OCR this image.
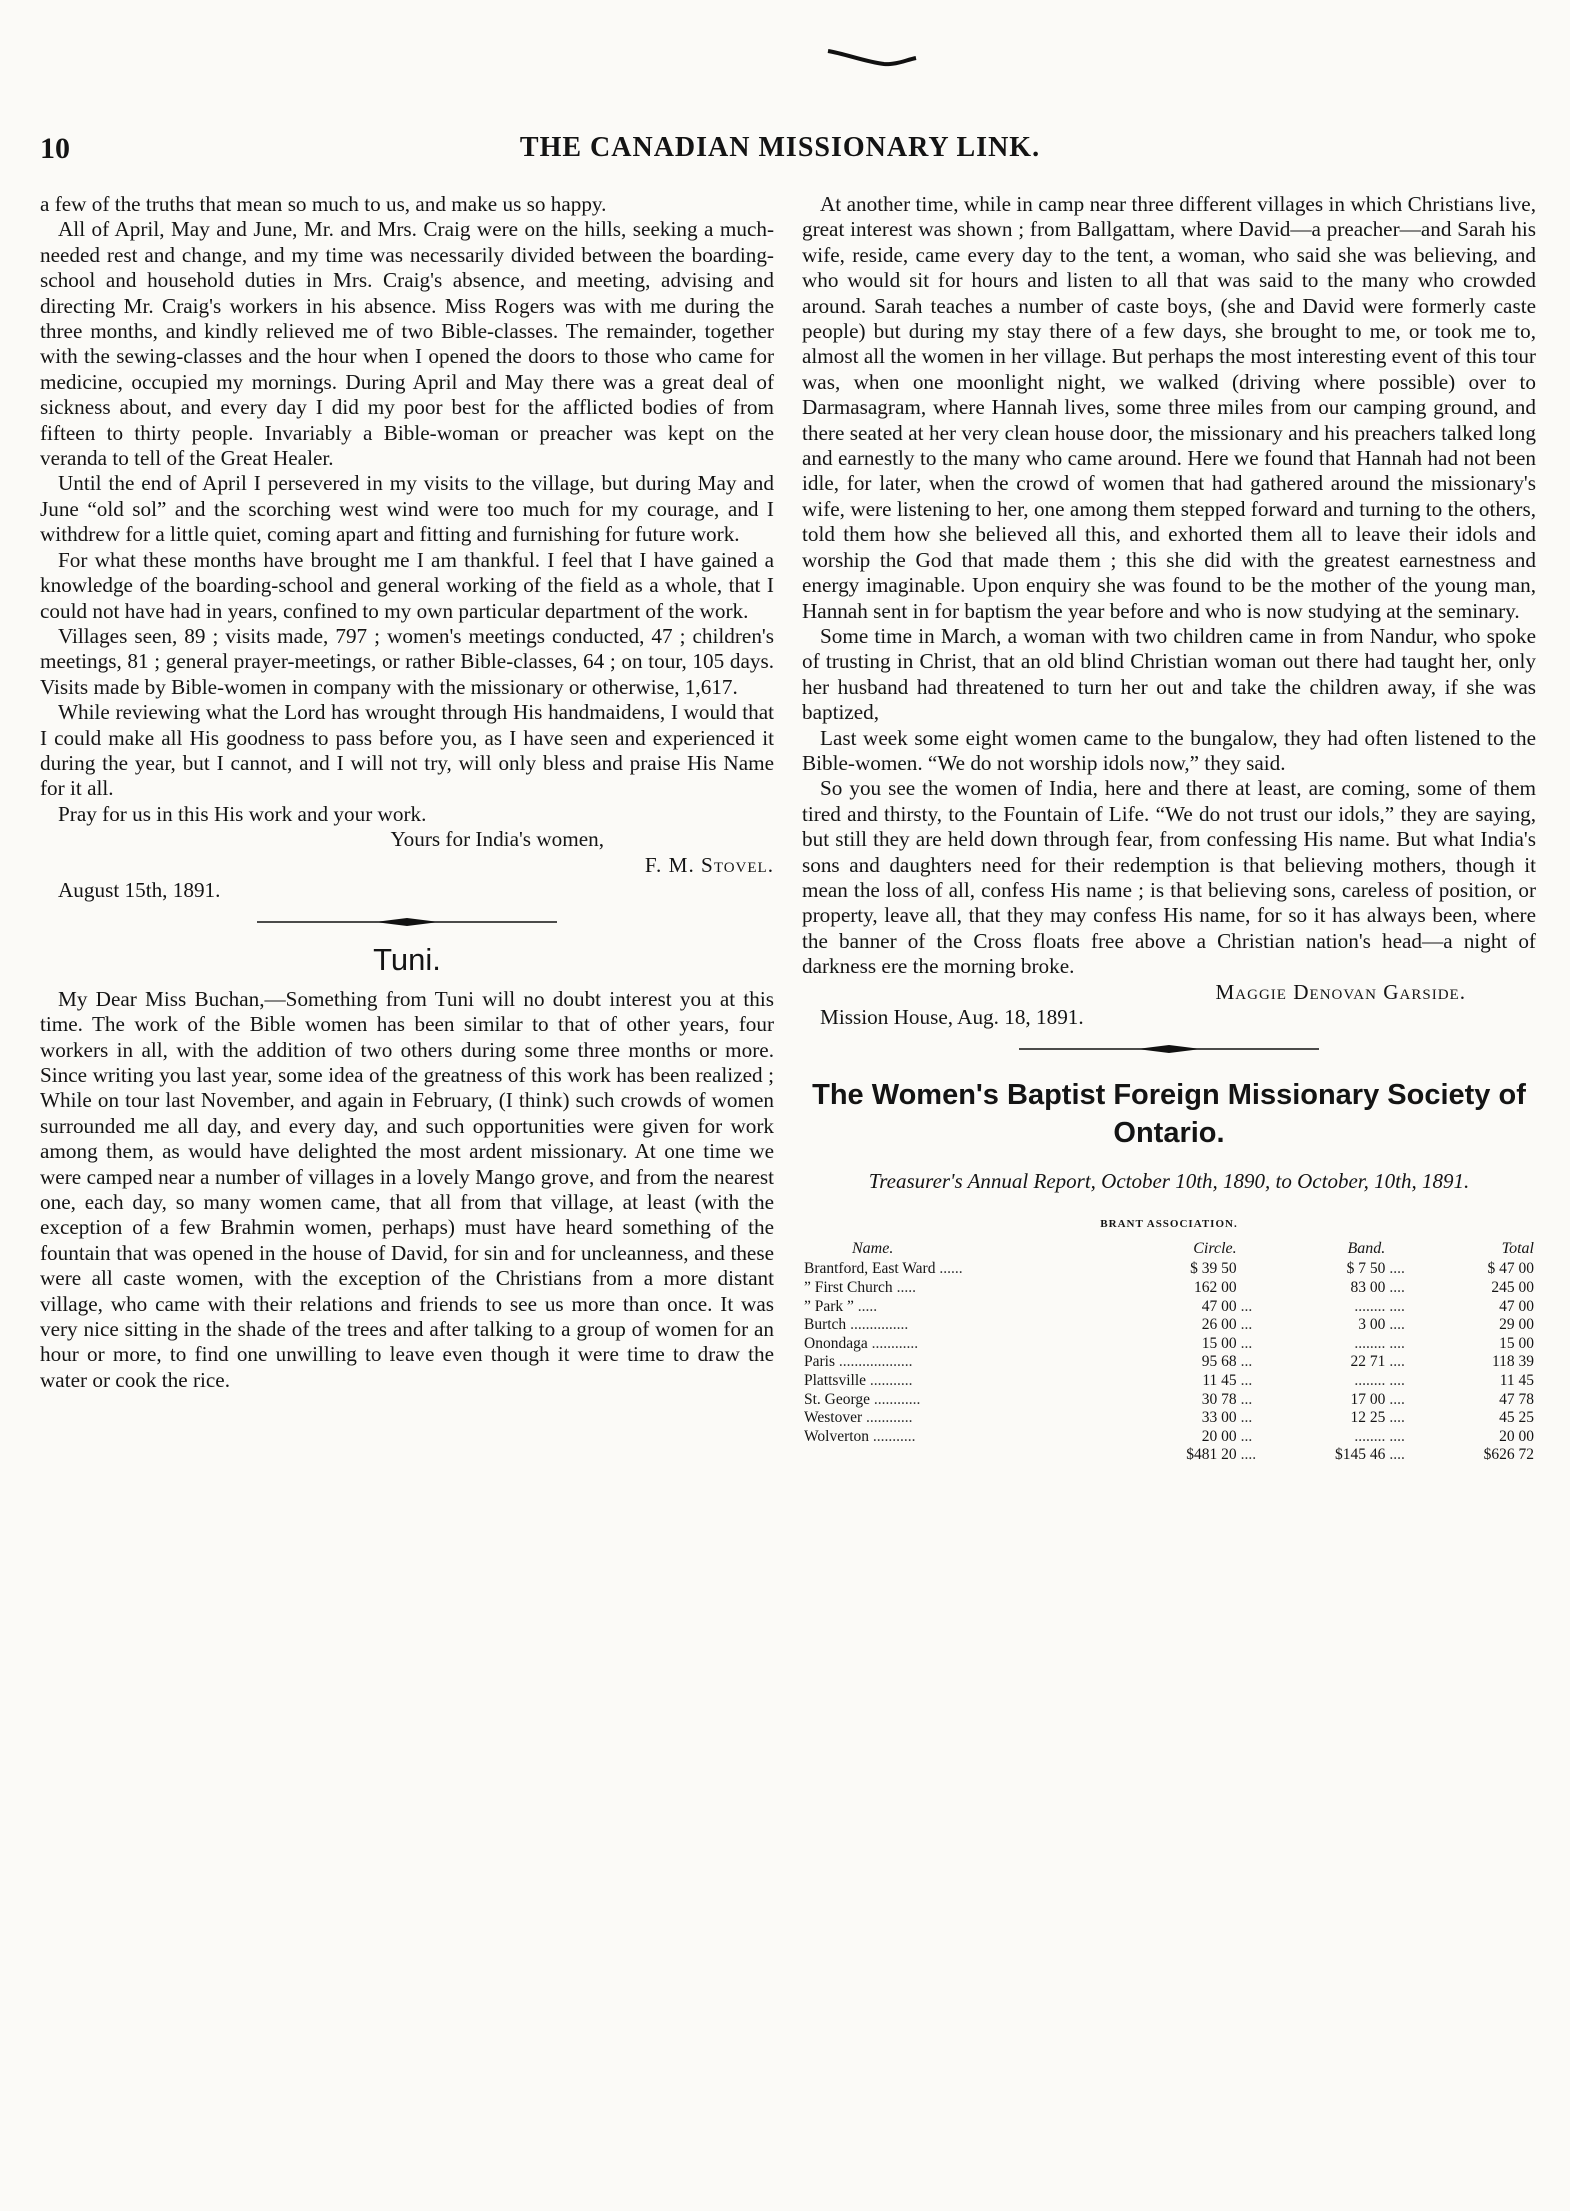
10	THE CANADIAN MISSIONARY LINK.

a few of the truths that mean so much to us, and make us so happy.

All of April, May and June, Mr. and Mrs. Craig were on the hills, seeking a much-needed rest and change, and my time was necessarily divided between the boarding-school and household duties in Mrs. Craig's absence, and meeting, advising and directing Mr. Craig's workers in his absence. Miss Rogers was with me during the three months, and kindly relieved me of two Bible-classes. The remainder, together with the sewing-classes and the hour when I opened the doors to those who came for medicine, occupied my mornings. During April and May there was a great deal of sickness about, and every day I did my poor best for the afflicted bodies of from fifteen to thirty people. Invariably a Bible-woman or preacher was kept on the veranda to tell of the Great Healer.

Until the end of April I persevered in my visits to the village, but during May and June “old sol” and the scorching west wind were too much for my courage, and I withdrew for a little quiet, coming apart and fitting and furnishing for future work.

For what these months have brought me I am thankful. I feel that I have gained a knowledge of the boarding-school and general working of the field as a whole, that I could not have had in years, confined to my own particular department of the work.

Villages seen, 89 ; visits made, 797 ; women's meetings conducted, 47 ; children's meetings, 81 ; general prayer-meetings, or rather Bible-classes, 64 ; on tour, 105 days. Visits made by Bible-women in company with the missionary or otherwise, 1,617.

While reviewing what the Lord has wrought through His handmaidens, I would that I could make all His goodness to pass before you, as I have seen and experienced it during the year, but I cannot, and I will not try, will only bless and praise His Name for it all.

Pray for us in this His work and your work.

Yours for India's women,

F. M. Stovel.

August 15th, 1891.

Tuni.

My Dear Miss Buchan,—Something from Tuni will no doubt interest you at this time. The work of the Bible women has been similar to that of other years, four workers in all, with the addition of two others during some three months or more. Since writing you last year, some idea of the greatness of this work has been realized ; While on tour last November, and again in February, (I think) such crowds of women surrounded me all day, and every day, and such opportunities were given for work among them, as would have delighted the most ardent missionary. At one time we were camped near a number of villages in a lovely Mango grove, and from the nearest one, each day, so many women came, that all from that village, at least (with the exception of a few Brahmin women, perhaps) must have heard something of the fountain that was opened in the house of David, for sin and for uncleanness, and these were all caste women, with the exception of the Christians from a more distant village, who came with their relations and friends to see us more than once. It was very nice sitting in the shade of the trees and after talking to a group of women for an hour or more, to find one unwilling to leave even though it were time to draw the water or cook the rice.

At another time, while in camp near three different villages in which Christians live, great interest was shown ; from Ballgattam, where David—a preacher—and Sarah his wife, reside, came every day to the tent, a woman, who said she was believing, and who would sit for hours and listen to all that was said to the many who crowded around. Sarah teaches a number of caste boys, (she and David were formerly caste people) but during my stay there of a few days, she brought to me, or took me to, almost all the women in her village. But perhaps the most interesting event of this tour was, when one moonlight night, we walked (driving where possible) over to Darmasagram, where Hannah lives, some three miles from our camping ground, and there seated at her very clean house door, the missionary and his preachers talked long and earnestly to the many who came around. Here we found that Hannah had not been idle, for later, when the crowd of women that had gathered around the missionary's wife, were listening to her, one among them stepped forward and turning to the others, told them how she believed all this, and exhorted them all to leave their idols and worship the God that made them ; this she did with the greatest earnestness and energy imaginable. Upon enquiry she was found to be the mother of the young man, Hannah sent in for baptism the year before and who is now studying at the seminary.

Some time in March, a woman with two children came in from Nandur, who spoke of trusting in Christ, that an old blind Christian woman out there had taught her, only her husband had threatened to turn her out and take the children away, if she was baptized,

Last week some eight women came to the bungalow, they had often listened to the Bible-women. “We do not worship idols now,” they said.

So you see the women of India, here and there at least, are coming, some of them tired and thirsty, to the Fountain of Life. “We do not trust our idols,” they are saying, but still they are held down through fear, from confessing His name. But what India's sons and daughters need for their redemption is that believing mothers, though it mean the loss of all, confess His name ; is that believing sons, careless of position, or property, leave all, that they may confess His name, for so it has always been, where the banner of the Cross floats free above a Christian nation's head—a night of darkness ere the morning broke.

Maggie Denovan Garside.

Mission House, Aug. 18, 1891.

The Women's Baptist Foreign Missionary Society of Ontario.
Treasurer's Annual Report, October 10th, 1890, to October, 10th, 1891.
BRANT ASSOCIATION.
Name.	Circle.		Band.		Total
Brantford, East Ward ......	$ 39 50		$ 7 50	....	$ 47 00
” First Church .....	162 00		83 00	....	245 00
” Park ” .....	47 00	...	........	....	47 00
Burtch ...............	26 00	...	3 00	....	29 00
Onondaga ............	15 00	...	........	....	15 00
Paris ...................	95 68	...	22 71	....	118 39
Plattsville ...........	11 45	...	........	....	11 45
St. George ............	30 78	...	17 00	....	47 78
Westover ............	33 00	...	12 25	....	45 25
Wolverton ...........	20 00	...	........	....	20 00
	$481 20	....	$145 46	....	$626 72
